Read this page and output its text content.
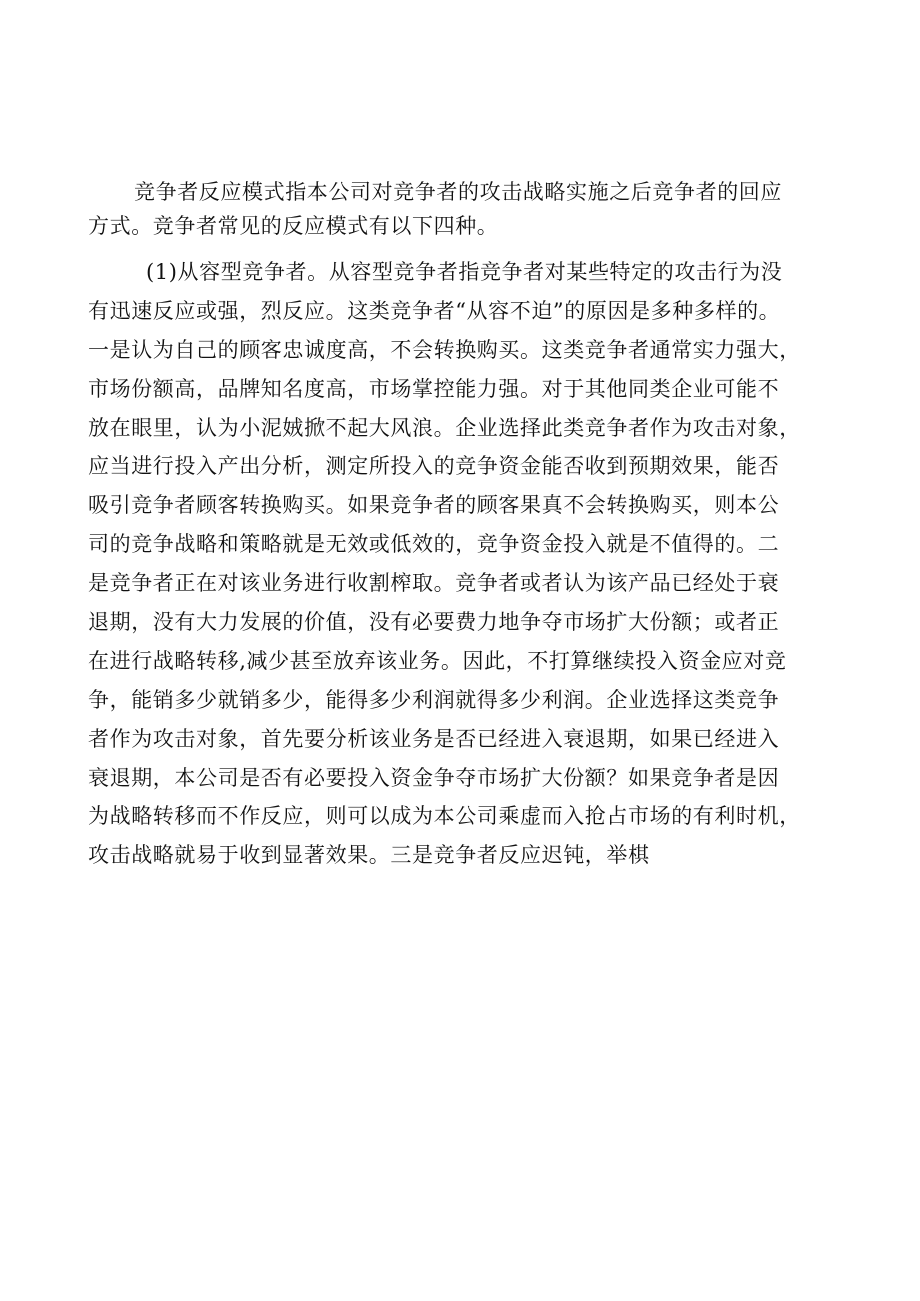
竞争者反应模式指本公司对竞争者的攻击战略实施之后竞争者的回应
方式。竞争者常见的反应模式有以下四种。
(1)从容型竞争者。从容型竞争者指竞争者对某些特定的攻击行为没
有迅速反应或强，烈反应。这类竞争者“从容不迫”的原因是多种多样的。
一是认为自己的顾客忠诚度高，不会转换购买。这类竞争者通常实力强大，
市场份额高，品牌知名度高，市场掌控能力强。对于其他同类企业可能不
放在眼里，认为小泥娀掀不起大风浪。企业选择此类竞争者作为攻击对象，
应当进行投入产出分析，测定所投入的竞争资金能否收到预期效果，能否
吸引竞争者顾客转换购买。如果竞争者的顾客果真不会转换购买，则本公
司的竞争战略和策略就是无效或低效的，竞争资金投入就是不值得的。二
是竞争者正在对该业务进行收割榨取。竞争者或者认为该产品已经处于衰
退期，没有大力发展的价值，没有必要费力地争夺市场扩大份额；或者正
在进行战略转移,减少甚至放弃该业务。因此，不打算继续投入资金应对竞
争，能销多少就销多少，能得多少利润就得多少利润。企业选择这类竞争
者作为攻击对象，首先要分析该业务是否已经进入衰退期，如果已经进入
衰退期，本公司是否有必要投入资金争夺市场扩大份额？如果竞争者是因
为战略转移而不作反应，则可以成为本公司乘虚而入抢占市场的有利时机，
攻击战略就易于收到显著效果。三是竞争者反应迟钝，举棋
